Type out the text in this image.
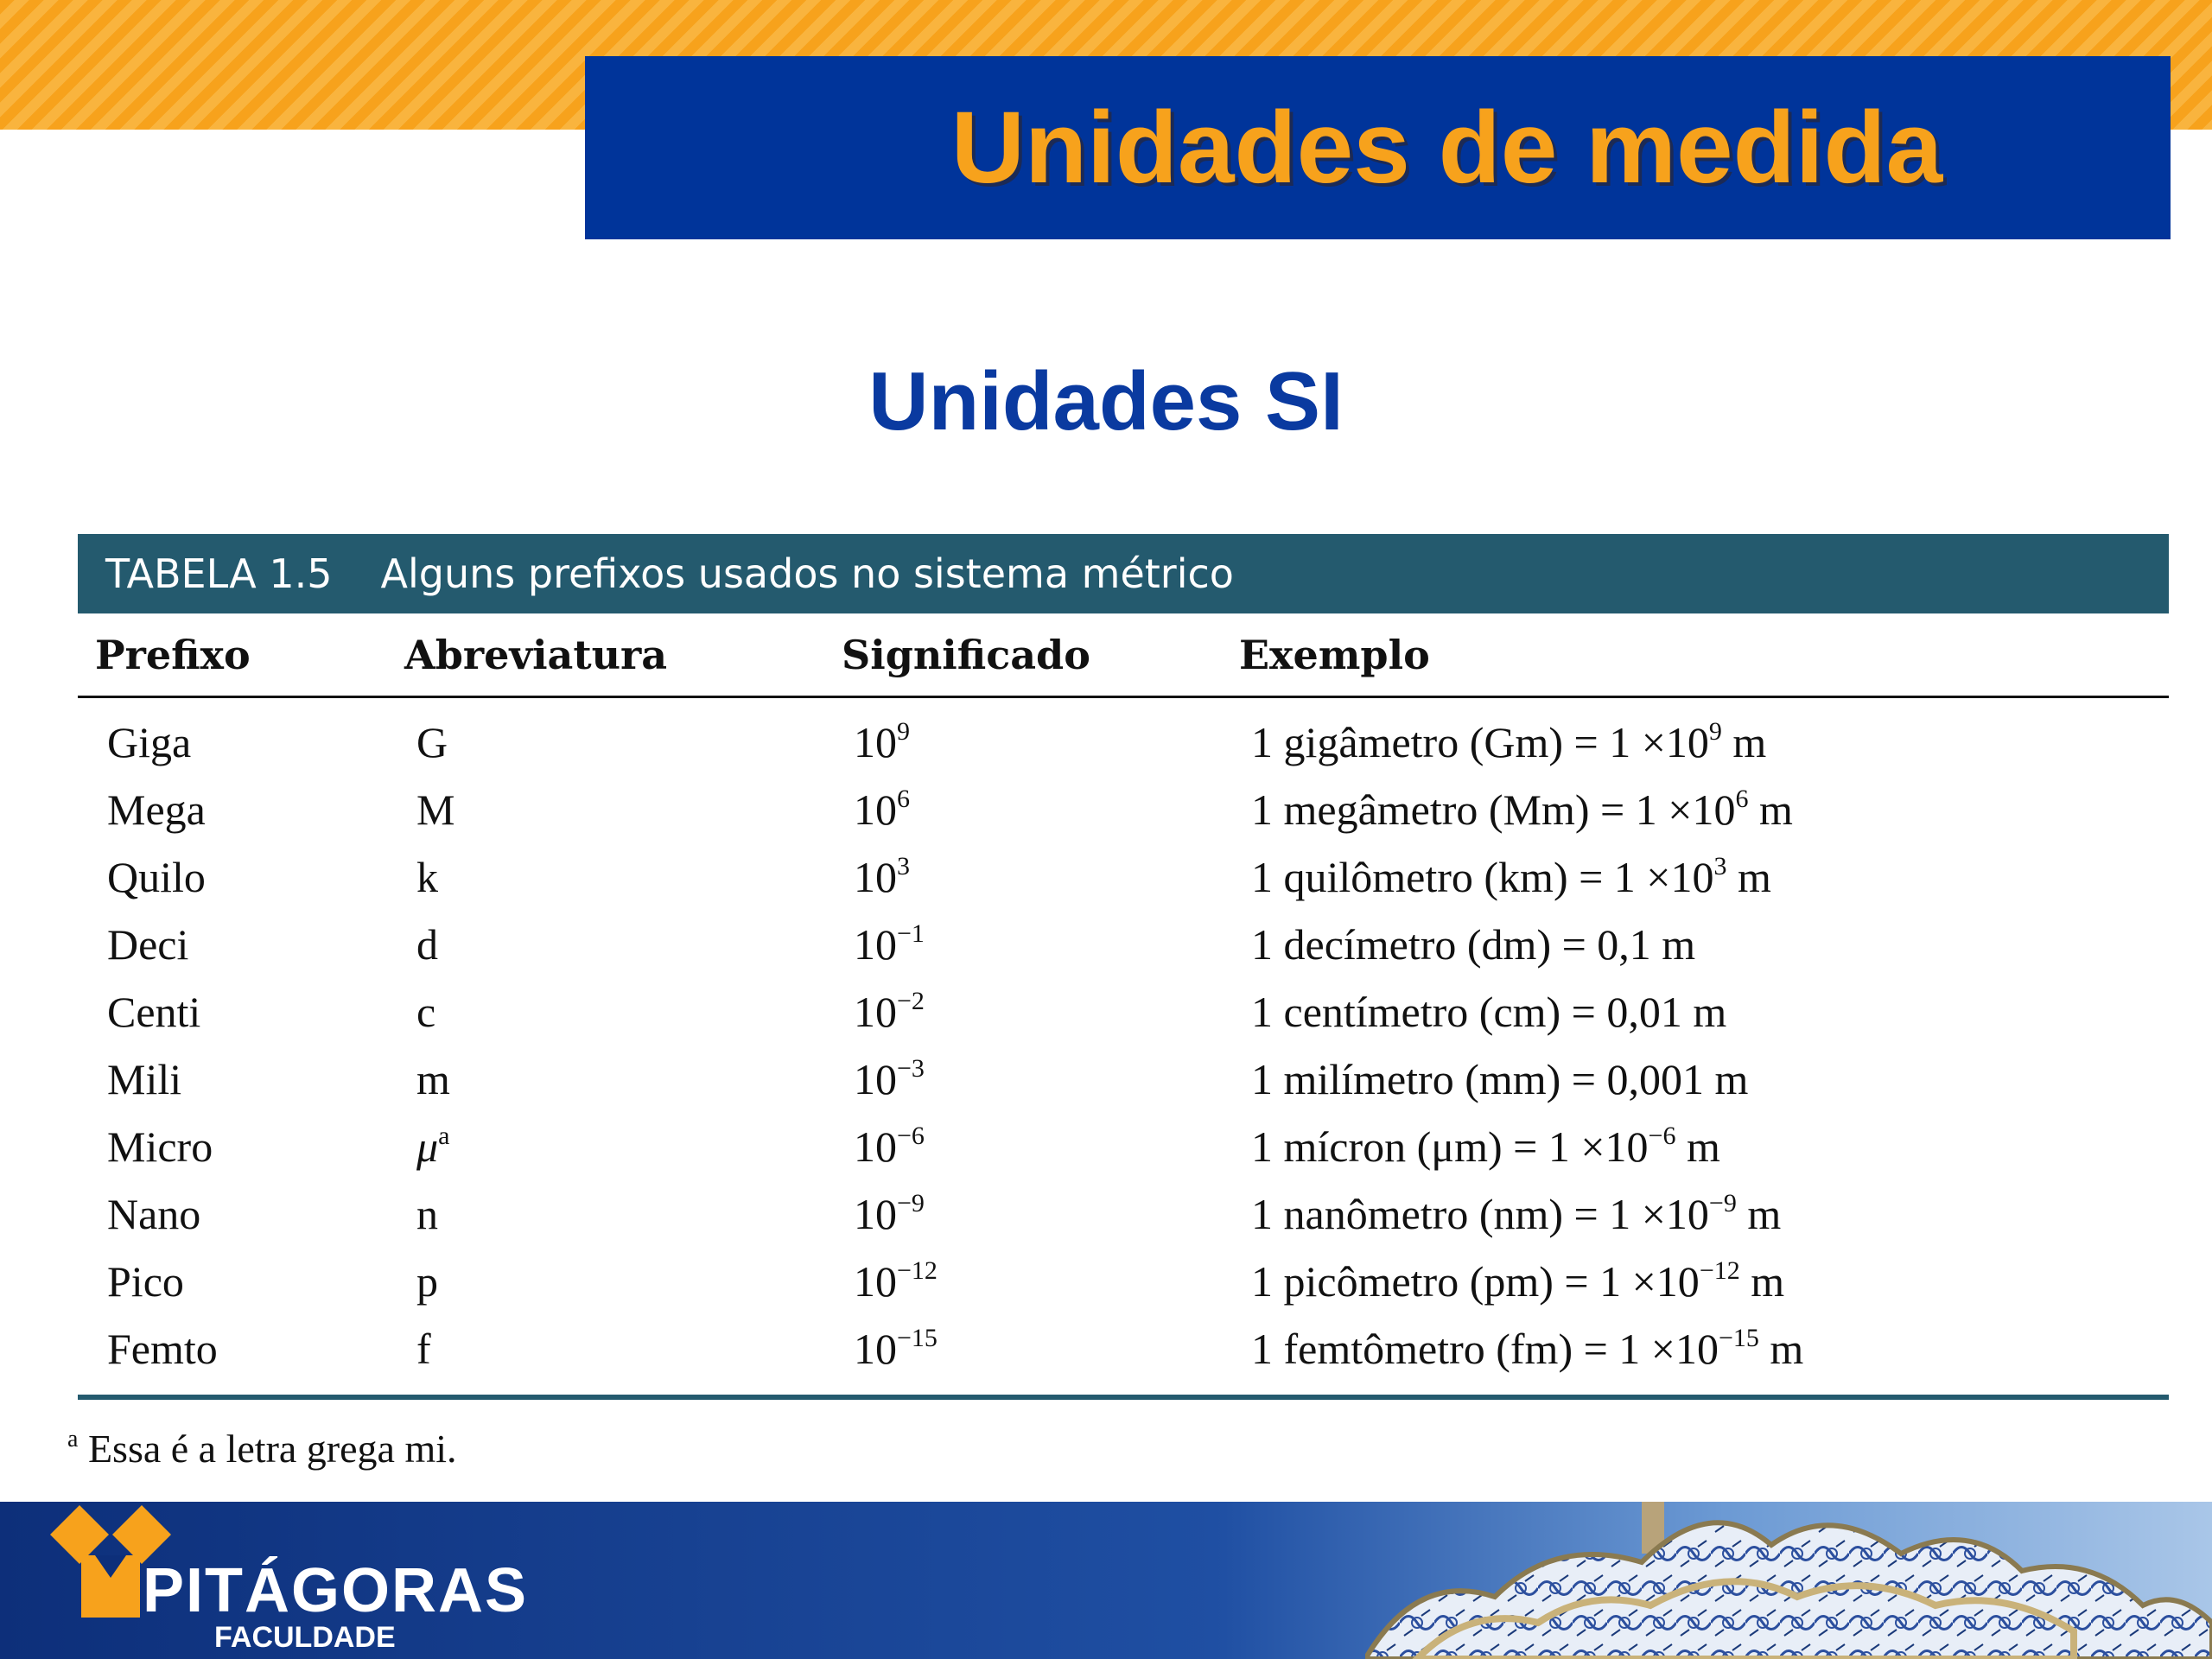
Unidades de medida
Unidades SI
TABELA 1.5 Alguns prefixos usados no sistema métrico
Prefixo	Abreviatura	Significado	Exemplo
Giga	G	$10^9$	1 gigâmetro $(Gm) = 1 \times 10^9$ m
Mega	M	$10^6$	1 megâmetro $(Mm) = 1 \times 10^6$ m
Quilo	k	$10^3$	1 quilômetro $(km) = 1 \times 10^3$ m
Deci	d	$10^{-1}$	1 decímetro (dm) = 0,1 m
Centi	c	$10^{-2}$	1 centímetro (cm) = 0,01 m
Mili	m	$10^{-3}$	1 milímetro (mm) = 0,001 m
Micro	$\mu^a$	$10^{-6}$	1 mícron $(\mu m) = 1 \times 10^{-6}$ m
Nano	n	$10^{-9}$	1 nanômetro $(nm) = 1 \times 10^{-9}$ m
Pico	p	$10^{-12}$	1 picômetro $(pm) = 1 \times 10^{-12}$ m
Femto	f	$10^{-15}$	1 femtômetro $(fm) = 1 \times 10^{-15}$ m
$^a$ Essa é a letra grega mi.
PITÁGORAS
FACULDADE
